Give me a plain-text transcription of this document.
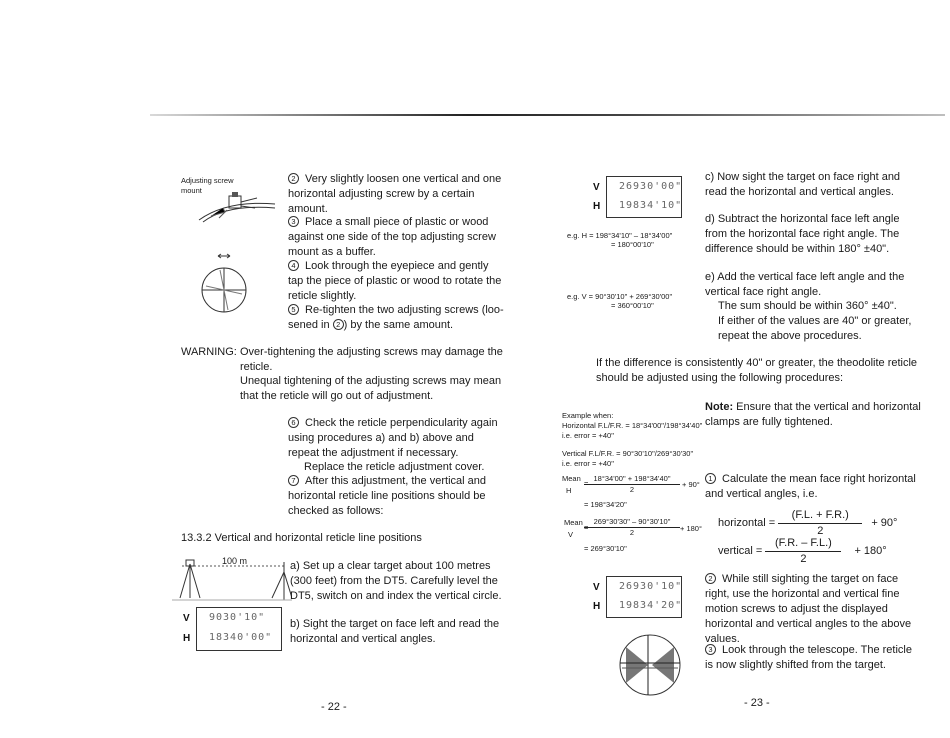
Adjusting screw mount
2 Very slightly loosen one vertical and one horizontal adjusting screw by a certain amount.
3 Place a small piece of plastic or wood against one side of the top adjusting screw mount as a buffer.
4 Look through the eyepiece and gently tap the piece of plastic or wood to rotate the reticle slightly.
5 Re-tighten the two adjusting screws (loo- sened in 2 ) by the same amount.
WARNING: Over-tightening the adjusting screws may damage the reticle.
Unequal tightening of the adjusting screws may mean that the reticle will go out of adjustment.
6 Check the reticle perpendicularity again using procedures a) and b) above and repeat the adjustment if necessary.
Replace the reticle adjustment cover.
7 After this adjustment, the vertical and horizontal reticle line positions should be checked as follows:
13.3.2 Vertical and horizontal reticle line positions
100 m	a) Set up a clear target about 100 metres (300 feet) from the DT5. Carefully level the DT5, switch on and index the vertical circle.
V 9030'10"
H 18340'00"
b) Sight the target on face left and read the horizontal and vertical angles.
- 22 -
V 26930'00"
H 19834'10"
c) Now sight the target on face right and read the horizontal and vertical angles.
e.g. H = 198°34'10" – 18°34'00"
= 180°00'10"
d) Subtract the horizontal face left angle from the horizontal face right angle. The difference should be within 180° ±40".
e.g. V = 90°30'10" + 269°30'00"
= 360°00'10"
e) Add the vertical face left angle and the vertical face right angle.
The sum should be within 360° ±40".
If either of the values are 40" or greater, repeat the above procedures.
If the difference is consistently 40" or greater, the theodolite reticle should be adjusted using the following procedures:
Note: Ensure that the vertical and horizontal clamps are fully tightened.
Example when:
Horizontal F.L/F.R. = 18°34'00"/198°34'40"
i.e. error = +40"
Vertical F.L/F.R. = 90°30'10"/269°30'30"
i.e. error = +40"
Mean	18°34'00" + 198°34'40"
2
=
H
+ 90°
= 198°34'20"
Mean	269°30'30" – 90°30'10"
2
=
V
+ 180°
= 269°30'10"
1 Calculate the mean face right horizontal and vertical angles, i.e.
horizontal = $\frac{(F.L. + F.R.)}{2} + 90^\circ$
vertical = $\frac{(F.R. - F.L.)}{2} + 180^\circ$
V 26930'10"
H 19834'20"
2 While still sighting the target on face right, use the horizontal and vertical fine motion screws to adjust the displayed horizontal and vertical angles to the above values.
3 Look through the telescope. The reticle is now slightly shifted from the target.
- 23 -
